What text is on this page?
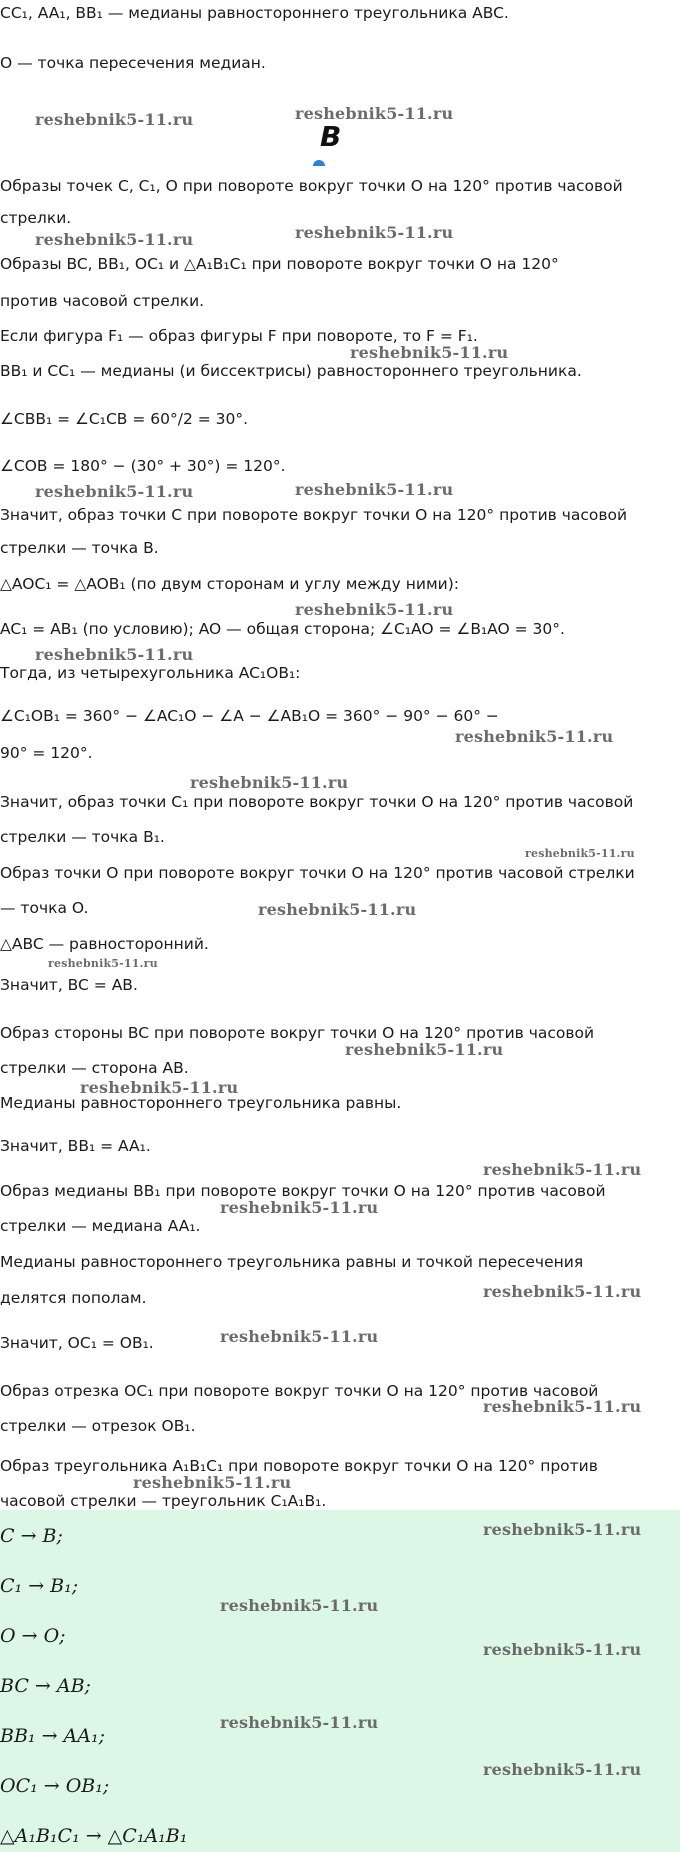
CC₁, AA₁, BB₁ — медианы равностороннего треугольника ABC.
O — точка пересечения медиан.
Образы точек C, C₁, O при повороте вокруг точки O на 120° против часовой
стрелки.
Образы BC, BB₁, OC₁ и △A₁B₁C₁ при повороте вокруг точки O на 120°
против часовой стрелки.
Если фигура F₁ — образ фигуры F при повороте, то F = F₁.
BB₁ и CC₁ — медианы (и биссектрисы) равностороннего треугольника.
∠CBB₁ = ∠C₁CB = 60°/2 = 30°.
∠COB = 180° − (30° + 30°) = 120°.
Значит, образ точки C при повороте вокруг точки O на 120° против часовой
стрелки — точка B.
△AOC₁ = △AOB₁ (по двум сторонам и углу между ними):
AC₁ = AB₁ (по условию); AO — общая сторона; ∠C₁AO = ∠B₁AO = 30°.
Тогда, из четырехугольника AC₁OB₁:
∠C₁OB₁ = 360° − ∠AC₁O − ∠A − ∠AB₁O = 360° − 90° − 60° −
90° = 120°.
Значит, образ точки C₁ при повороте вокруг точки O на 120° против часовой
стрелки — точка B₁.
Образ точки O при повороте вокруг точки O на 120° против часовой стрелки
— точка O.
△ABC — равносторонний.
Значит, BC = AB.
Образ стороны BC при повороте вокруг точки O на 120° против часовой
стрелки — сторона AB.
Медианы равностороннего треугольника равны.
Значит, BB₁ = AA₁.
Образ медианы BB₁ при повороте вокруг точки O на 120° против часовой
стрелки — медиана AA₁.
Медианы равностороннего треугольника равны и точкой пересечения
делятся пополам.
Значит, OC₁ = OB₁.
Образ отрезка OC₁ при повороте вокруг точки O на 120° против часовой
стрелки — отрезок OB₁.
Образ треугольника A₁B₁C₁ при повороте вокруг точки O на 120° против
часовой стрелки — треугольник C₁A₁B₁.
C → B;
C₁ → B₁;
O → O;
BC → AB;
BB₁ → AA₁;
OC₁ → OB₁;
△A₁B₁C₁ → △C₁A₁B₁
B
reshebnik5-11.ru	reshebnik5-11.ru
reshebnik5-11.ru	reshebnik5-11.ru
reshebnik5-11.ru
reshebnik5-11.ru	reshebnik5-11.ru
reshebnik5-11.ru
reshebnik5-11.ru
reshebnik5-11.ru
reshebnik5-11.ru
reshebnik5-11.ru
reshebnik5-11.ru
reshebnik5-11.ru
reshebnik5-11.ru
reshebnik5-11.ru
reshebnik5-11.ru
reshebnik5-11.ru
reshebnik5-11.ru
reshebnik5-11.ru
reshebnik5-11.ru
reshebnik5-11.ru
reshebnik5-11.ru
reshebnik5-11.ru
reshebnik5-11.ru
reshebnik5-11.ru
reshebnik5-11.ru
